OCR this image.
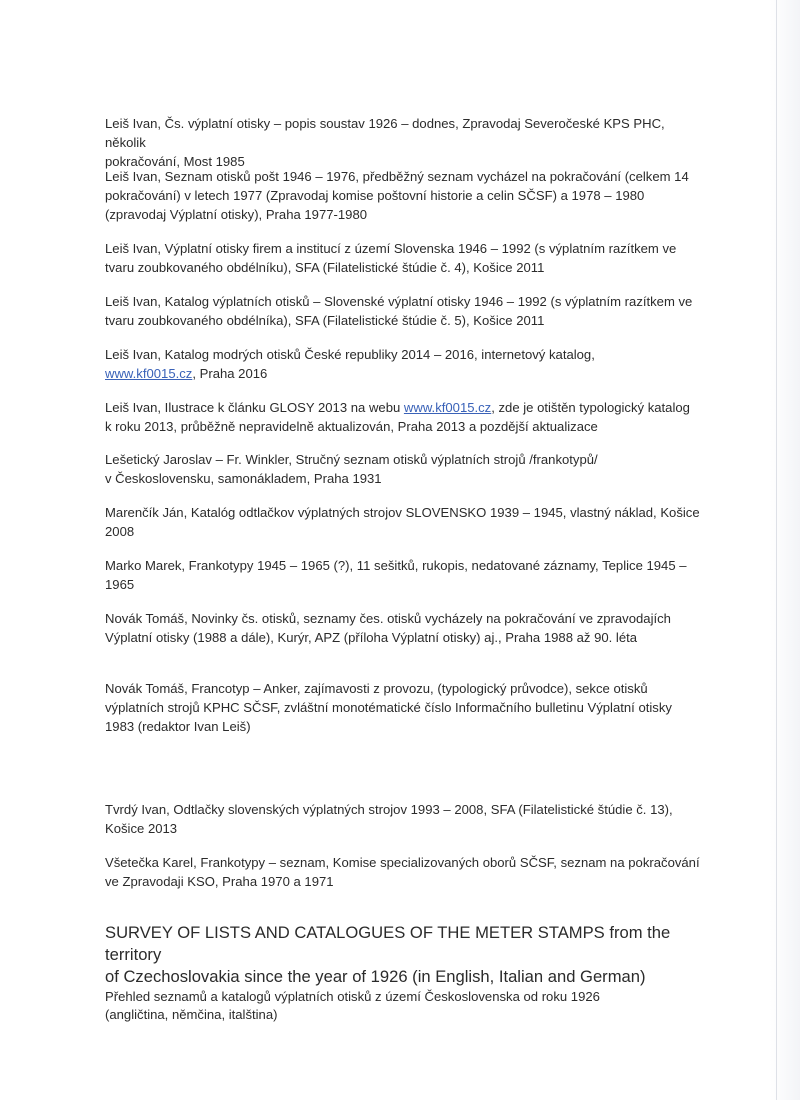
Leiš Ivan, Čs. výplatní otisky – popis soustav 1926 – dodnes, Zpravodaj Severočeské KPS PHC, několik
pokračování, Most 1985

Leiš Ivan, Seznam otisků pošt 1946 – 1976, předběžný seznam vycházel na pokračování (celkem 14
pokračování) v letech 1977 (Zpravodaj komise poštovní historie a celin SČSF) a 1978 – 1980
(zpravodaj Výplatní otisky), Praha 1977-1980

Leiš Ivan, Výplatní otisky firem a institucí z území Slovenska 1946 – 1992 (s výplatním razítkem ve
tvaru zoubkovaného obdélníku), SFA (Filatelistické štúdie č. 4), Košice 2011

Leiš Ivan, Katalog výplatních otisků – Slovenské výplatní otisky 1946 – 1992 (s výplatním razítkem ve
tvaru zoubkovaného obdélníka), SFA (Filatelistické štúdie č. 5), Košice 2011

Leiš Ivan, Katalog modrých otisků České republiky 2014 – 2016, internetový katalog,
www.kf0015.cz, Praha 2016

Leiš Ivan, Ilustrace k článku GLOSY 2013 na webu www.kf0015.cz, zde je otištěn typologický katalog
k roku 2013, průběžně nepravidelně aktualizován, Praha 2013 a pozdější aktualizace

Lešetický Jaroslav – Fr. Winkler, Stručný seznam otisků výplatních strojů /frankotypů/
v Československu, samonákladem, Praha 1931

Marenčík Ján, Katalóg odtlačkov výplatných strojov SLOVENSKO 1939 – 1945, vlastný náklad, Košice
2008

Marko Marek, Frankotypy 1945 – 1965 (?), 11 sešitků, rukopis, nedatované záznamy, Teplice 1945 –
1965

Novák Tomáš, Novinky čs. otisků, seznamy čes. otisků vycházely na pokračování ve zpravodajích
Výplatní otisky (1988 a dále), Kurýr, APZ (příloha Výplatní otisky) aj., Praha 1988 až 90. léta

Novák Tomáš, Francotyp – Anker, zajímavosti z provozu, (typologický průvodce), sekce otisků
výplatních strojů KPHC SČSF, zvláštní monotématické číslo Informačního bulletinu Výplatní otisky
1983 (redaktor Ivan Leiš)

Tvrdý Ivan, Odtlačky slovenských výplatných strojov 1993 – 2008, SFA (Filatelistické štúdie č. 13),
Košice 2013

Všetečka Karel, Frankotypy – seznam, Komise specializovaných oborů SČSF, seznam na pokračování
ve Zpravodaji KSO, Praha 1970 a 1971

SURVEY OF LISTS AND CATALOGUES OF THE METER STAMPS from the territory
of Czechoslovakia since the year of 1926 (in English, Italian and German)

Přehled seznamů a katalogů výplatních otisků z území Československa od roku 1926
(angličtina, němčina, italština)
